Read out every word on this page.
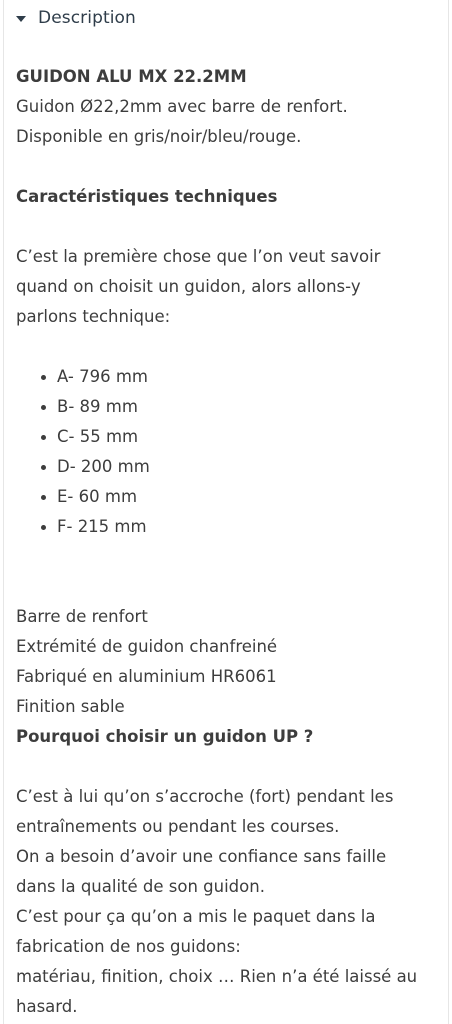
Description
GUIDON ALU MX 22.2MM
Guidon Ø22,2mm avec barre de renfort.
Disponible en gris/noir/bleu/rouge.
Caractéristiques techniques
C’est la première chose que l’on veut savoir
quand on choisit un guidon, alors allons-y
parlons technique:
A- 796 mm
B- 89 mm
C- 55 mm
D- 200 mm
E- 60 mm
F- 215 mm
Barre de renfort
Extrémité de guidon chanfreiné
Fabriqué en aluminium HR6061
Finition sable
Pourquoi choisir un guidon UP ?
C’est à lui qu’on s’accroche (fort) pendant les
entraînements ou pendant les courses.
On a besoin d’avoir une confiance sans faille
dans la qualité de son guidon.
C’est pour ça qu’on a mis le paquet dans la
fabrication de nos guidons:
matériau, finition, choix … Rien n’a été laissé au
hasard.
